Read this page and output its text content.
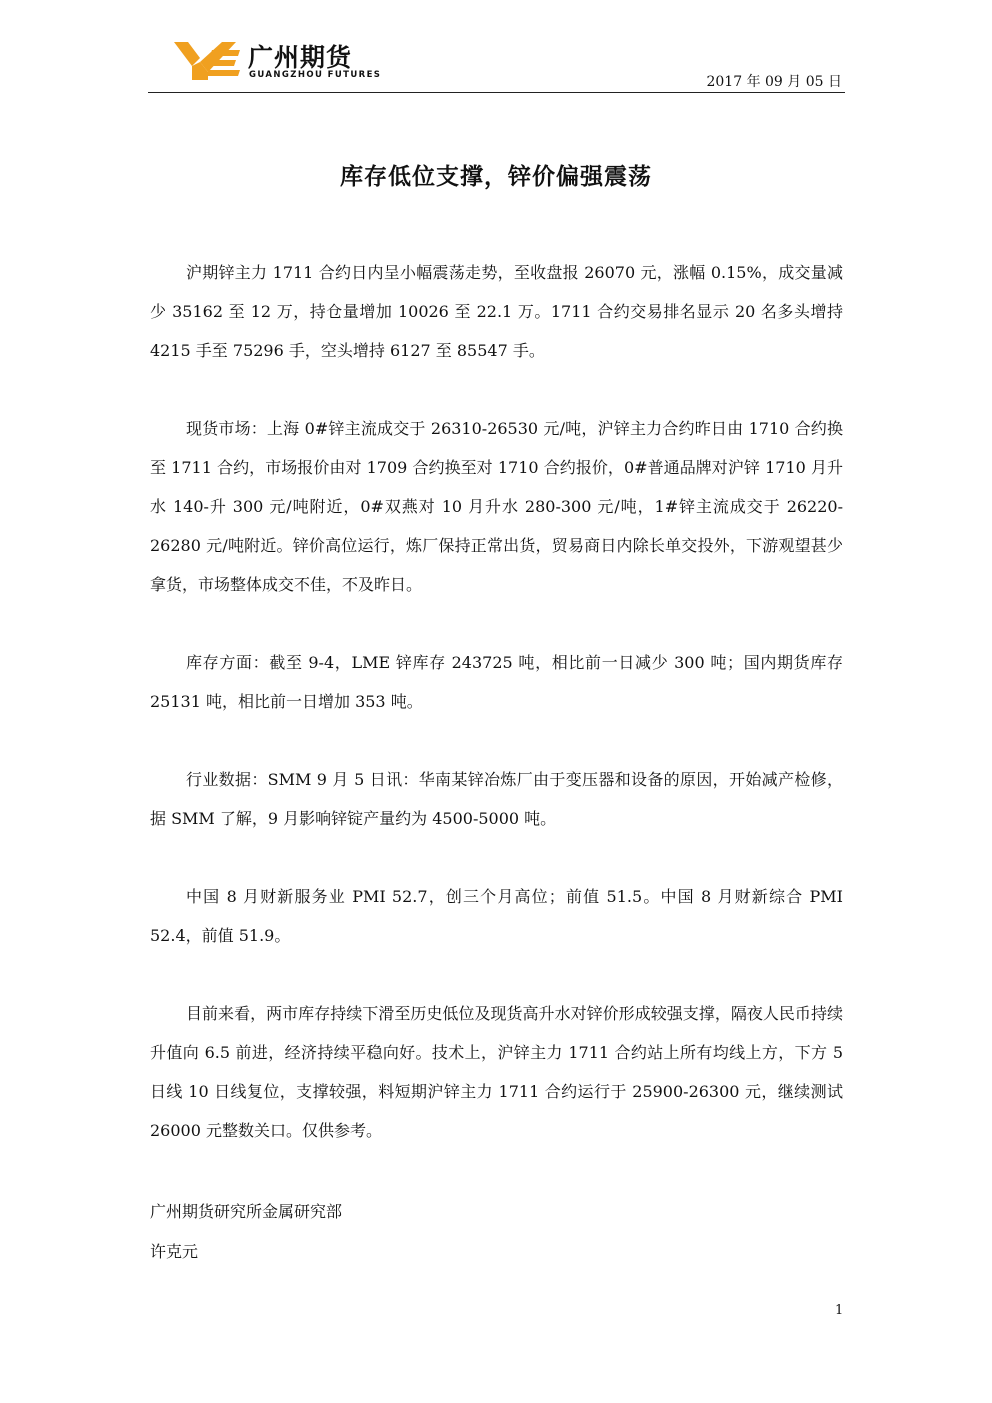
广州期货
GUANGZHOU FUTURES	2017 年 09 月 05 日
库存低位支撑，锌价偏强震荡

沪期锌主力 1711 合约日内呈小幅震荡走势，至收盘报 26070 元，涨幅 0.15%，成交量减少 35162 至 12 万，持仓量增加 10026 至 22.1 万。1711 合约交易排名显示 20 名多头增持 4215 手至 75296 手，空头增持 6127 至 85547 手。

现货市场：上海 0#锌主流成交于 26310-26530 元/吨，沪锌主力合约昨日由 1710 合约换至 1711 合约，市场报价由对 1709 合约换至对 1710 合约报价，0#普通品牌对沪锌 1710 月升水 140-升 300 元/吨附近，0#双燕对 10 月升水 280-300 元/吨，1#锌主流成交于 26220-26280 元/吨附近。锌价高位运行，炼厂保持正常出货，贸易商日内除长单交投外，下游观望甚少拿货，市场整体成交不佳，不及昨日。

库存方面：截至 9-4，LME 锌库存 243725 吨，相比前一日减少 300 吨；国内期货库存 25131 吨，相比前一日增加 353 吨。

行业数据：SMM 9 月 5 日讯：华南某锌冶炼厂由于变压器和设备的原因，开始减产检修，据 SMM 了解，9 月影响锌锭产量约为 4500-5000 吨。

中国 8 月财新服务业 PMI 52.7，创三个月高位；前值 51.5。中国 8 月财新综合 PMI 52.4，前值 51.9。

目前来看，两市库存持续下滑至历史低位及现货高升水对锌价形成较强支撑，隔夜人民币持续升值向 6.5 前进，经济持续平稳向好。技术上，沪锌主力 1711 合约站上所有均线上方，下方 5 日线 10 日线复位，支撑较强，料短期沪锌主力 1711 合约运行于 25900-26300 元，继续测试 26000 元整数关口。仅供参考。

广州期货研究所金属研究部

许克元

1
